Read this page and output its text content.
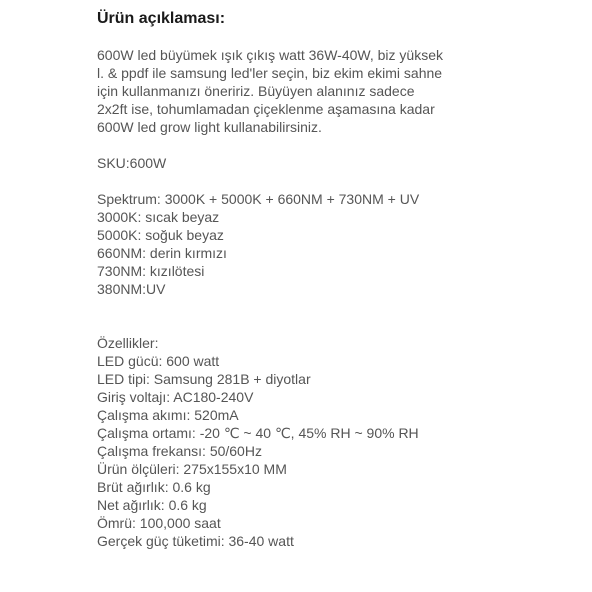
Ürün açıklaması:
600W led büyümek ışık çıkış watt 36W-40W, biz yüksek
l. & ppdf ile samsung led'ler seçin, biz ekim ekimi sahne
için kullanmanızı öneririz. Büyüyen alanınız sadece
2x2ft ise, tohumlamadan çiçeklenme aşamasına kadar
600W led grow light kullanabilirsiniz.
SKU:600W
Spektrum: 3000K + 5000K + 660NM + 730NM + UV
3000K: sıcak beyaz
5000K: soğuk beyaz
660NM: derin kırmızı
730NM: kızılötesi
380NM:UV
Özellikler:
LED gücü: 600 watt
LED tipi: Samsung 281B + diyotlar
Giriş voltajı: AC180-240V
Çalışma akımı: 520mA
Çalışma ortamı: -20 ℃ ~ 40 ℃, 45% RH ~ 90% RH
Çalışma frekansı: 50/60Hz
Ürün ölçüleri: 275x155x10 MM
Brüt ağırlık: 0.6 kg
Net ağırlık: 0.6 kg
Ömrü: 100,000 saat
Gerçek güç tüketimi: 36-40 watt
